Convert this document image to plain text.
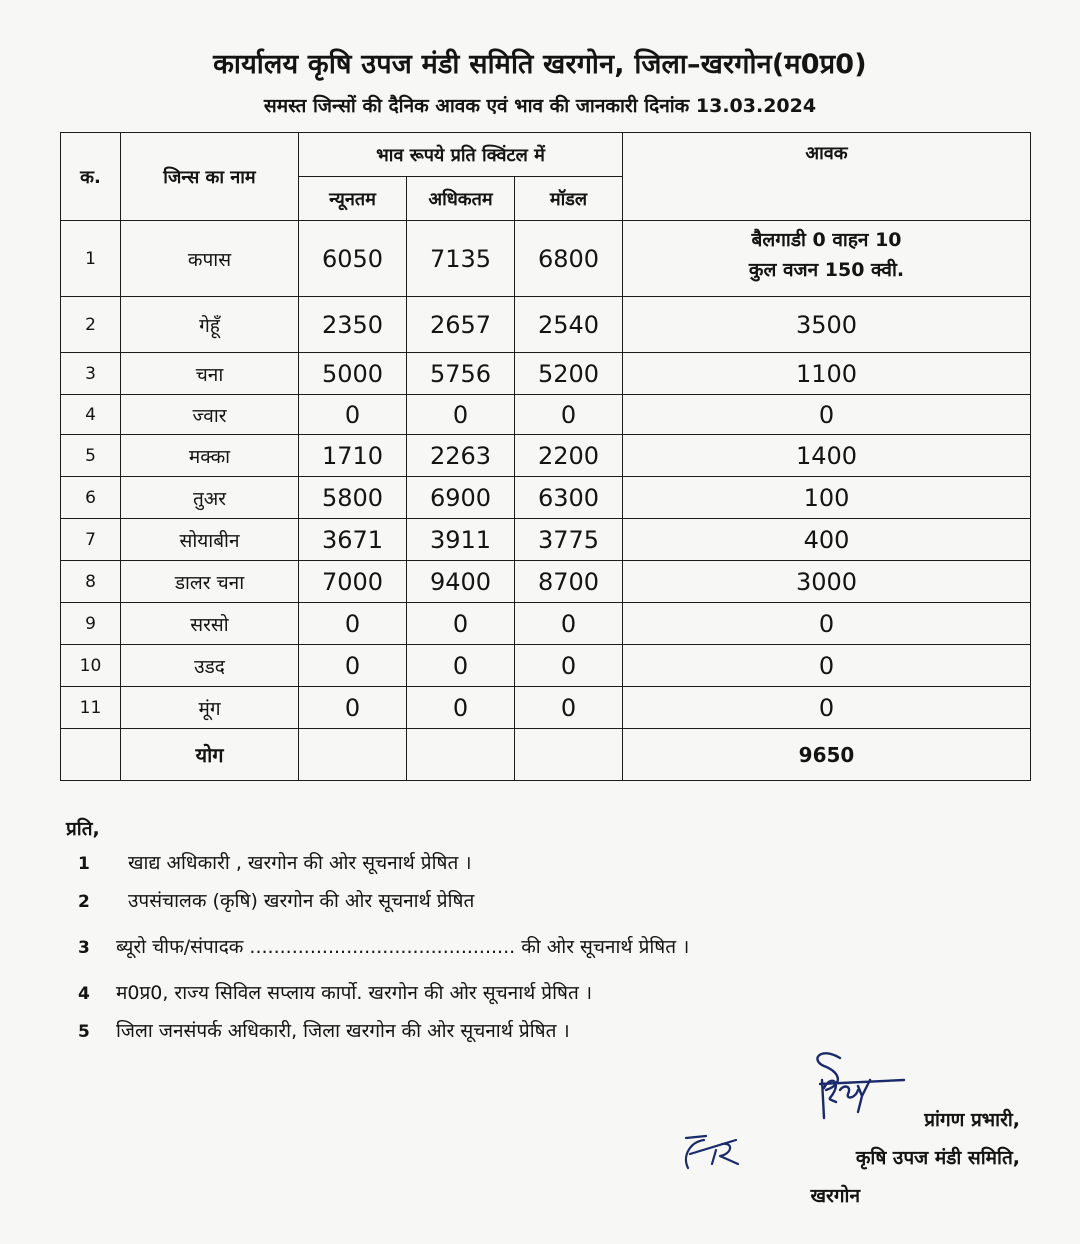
कार्यालय कृषि उपज मंडी समिति खरगोन, जिला–खरगोन(म0प्र0)
समस्त जिन्सों की दैनिक आवक एवं भाव की जानकारी दिनांक 13.03.2024
क.	जिन्स का नाम	भाव रूपये प्रति क्विंटल में			आवक
		न्यूनतम	अधिकतम	मॉडल	
1	कपास	6050	7135	6800	बैलगाडी 0 वाहन 10
कुल वजन 150 क्वी.

2	गेहूँ	2350	2657	2540	3500
3	चना	5000	5756	5200	1100
4	ज्वार	0	0	0	0
5	मक्का	1710	2263	2200	1400
6	तुअर	5800	6900	6300	100
7	सोयाबीन	3671	3911	3775	400
8	डालर चना	7000	9400	8700	3000
9	सरसो	0	0	0	0
10	उडद	0	0	0	0
11	मूंग	0	0	0	0
	योग				9650
प्रति,
1 खाद्य अधिकारी , खरगोन की ओर सूचनार्थ प्रेषित ।
2 उपसंचालक (कृषि) खरगोन की ओर सूचनार्थ प्रेषित
3 ब्यूरो चीफ/संपादक ............................................ की ओर सूचनार्थ प्रेषित ।
4 म0प्र0, राज्य सिविल सप्लाय कार्पो. खरगोन की ओर सूचनार्थ प्रेषित ।
5 जिला जनसंपर्क अधिकारी, जिला खरगोन की ओर सूचनार्थ प्रेषित ।
प्रांगण प्रभारी,
कृषि उपज मंडी समिति,
खरगोन
